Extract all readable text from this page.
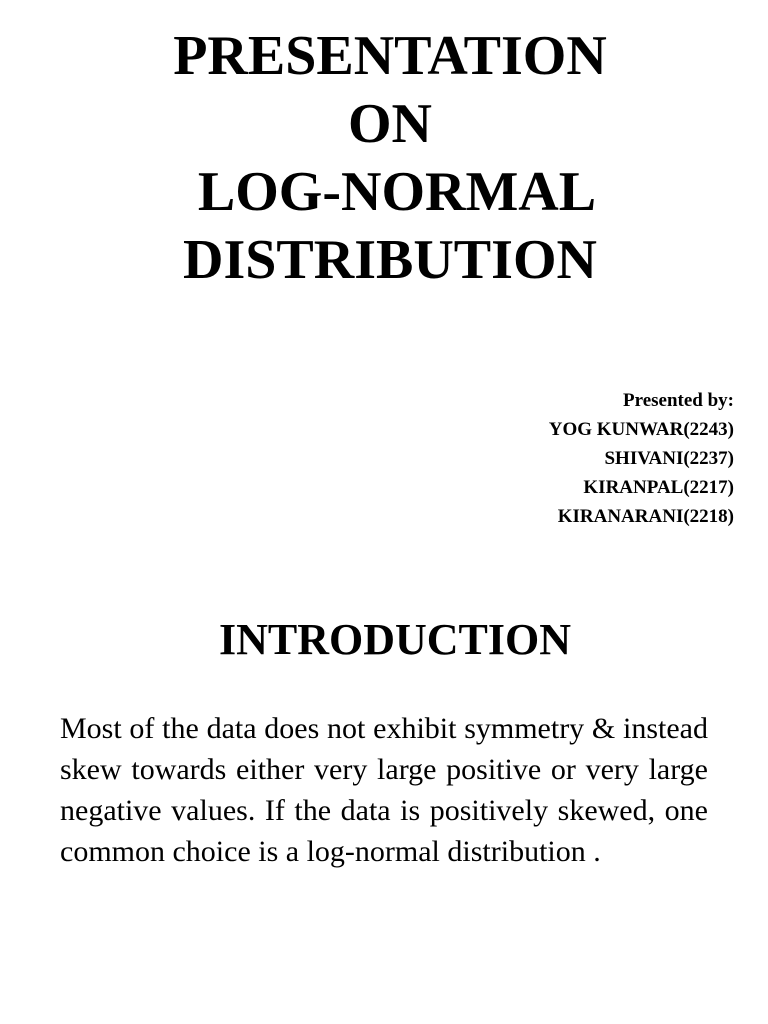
PRESENTATION
ON
LOG-NORMAL
DISTRIBUTION
Presented by:
YOG KUNWAR(2243)
SHIVANI(2237)
KIRANPAL(2217)
KIRANARANI(2218)
INTRODUCTION

Most of the data does not exhibit symmetry & instead skew towards either very large positive or very large negative values. If the data is positively skewed, one common choice is a log-normal distribution .
